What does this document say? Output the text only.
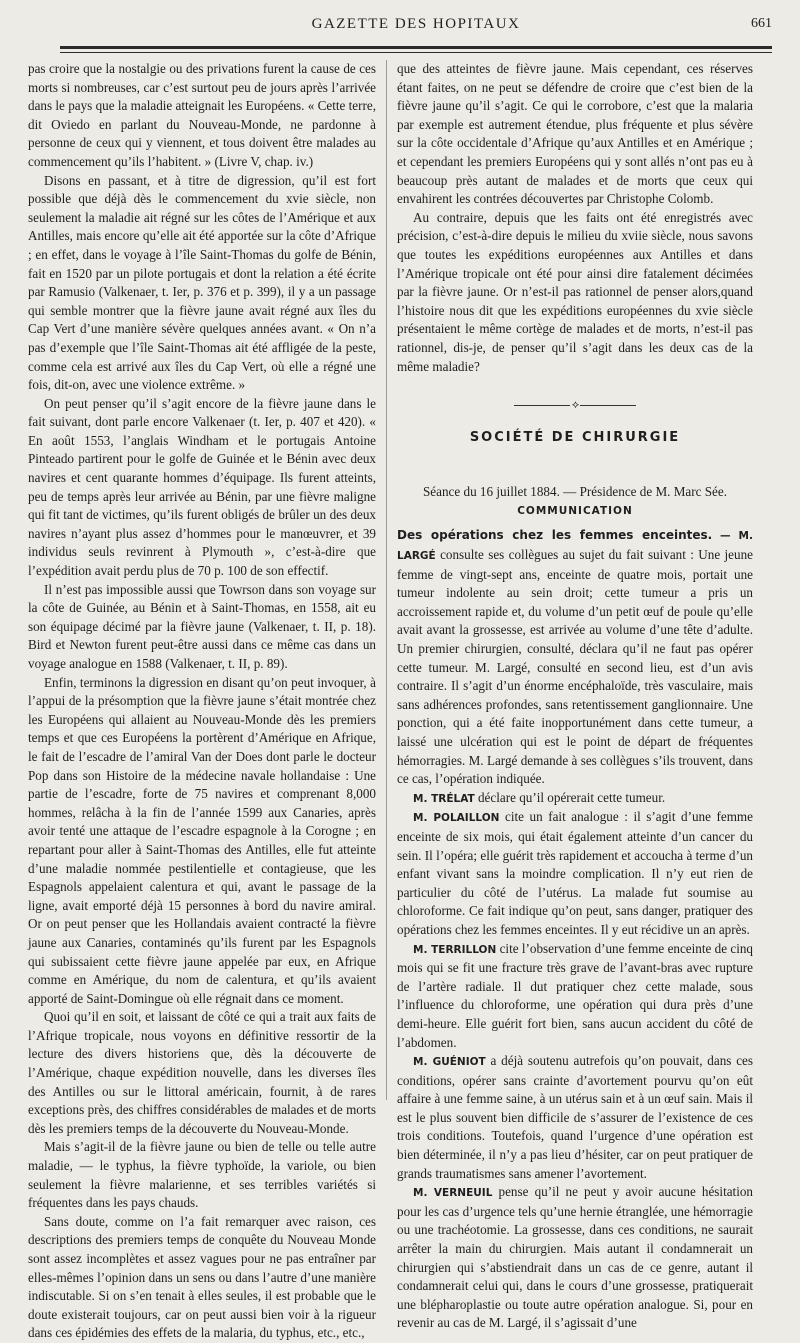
GAZETTE DES HOPITAUX	661

pas croire que la nostalgie ou des privations furent la cause de ces morts si nombreuses, car c’est surtout peu de jours après l’arrivée dans le pays que la maladie atteignait les Européens. « Cette terre, dit Oviedo en parlant du Nouveau-Monde, ne pardonne à personne de ceux qui y viennent, et tous doivent être malades au commencement qu’ils l’habitent. » (Livre V, chap. iv.)

Disons en passant, et à titre de digression, qu’il est fort possible que déjà dès le commencement du xvie siècle, non seulement la maladie ait régné sur les côtes de l’Amérique et aux Antilles, mais encore qu’elle ait été apportée sur la côte d’Afrique ; en effet, dans le voyage à l’île Saint-Thomas du golfe de Bénin, fait en 1520 par un pilote portugais et dont la relation a été écrite par Ramusio (Valkenaer, t. Ier, p. 376 et p. 399), il y a un passage qui semble montrer que la fièvre jaune avait régné aux îles du Cap Vert d’une manière sévère quelques années avant. « On n’a pas d’exemple que l’île Saint-Thomas ait été affligée de la peste, comme cela est arrivé aux îles du Cap Vert, où elle a régné une fois, dit-on, avec une violence extrême. »

On peut penser qu’il s’agit encore de la fièvre jaune dans le fait suivant, dont parle encore Valkenaer (t. Ier, p. 407 et 420). « En août 1553, l’anglais Windham et le portugais Antoine Pinteado partirent pour le golfe de Guinée et le Bénin avec deux navires et cent quarante hommes d’équipage. Ils furent atteints, peu de temps après leur arrivée au Bénin, par une fièvre maligne qui fit tant de victimes, qu’ils furent obligés de brûler un des deux navires n’ayant plus assez d’hommes pour le manœuvrer, et 39 individus seuls revinrent à Plymouth », c’est-à-dire que l’expédition avait perdu plus de 70 p. 100 de son effectif.

Il n’est pas impossible aussi que Towrson dans son voyage sur la côte de Guinée, au Bénin et à Saint-Thomas, en 1558, ait eu son équipage décimé par la fièvre jaune (Valkenaer, t. II, p. 18). Bird et Newton furent peut-être aussi dans ce même cas dans un voyage analogue en 1588 (Valkenaer, t. II, p. 89).

Enfin, terminons la digression en disant qu’on peut invoquer, à l’appui de la présomption que la fièvre jaune s’était montrée chez les Européens qui allaient au Nouveau-Monde dès les premiers temps et que ces Européens la portèrent d’Amérique en Afrique, le fait de l’escadre de l’amiral Van der Does dont parle le docteur Pop dans son Histoire de la médecine navale hollandaise : Une partie de l’escadre, forte de 75 navires et comprenant 8,000 hommes, relâcha à la fin de l’année 1599 aux Canaries, après avoir tenté une attaque de l’escadre espagnole à la Corogne ; en repartant pour aller à Saint-Thomas des Antilles, elle fut atteinte d’une maladie nommée pestilentielle et contagieuse, que les Espagnols appelaient calentura et qui, avant le passage de la ligne, avait emporté déjà 15 personnes à bord du navire amiral. Or on peut penser que les Hollandais avaient contracté la fièvre jaune aux Canaries, contaminés qu’ils furent par les Espagnols qui subissaient cette fièvre jaune appelée par eux, en Afrique comme en Amérique, du nom de calentura, et qu’ils avaient apporté de Saint-Domingue où elle régnait dans ce moment.

Quoi qu’il en soit, et laissant de côté ce qui a trait aux faits de l’Afrique tropicale, nous voyons en définitive ressortir de la lecture des divers historiens que, dès la découverte de l’Amérique, chaque expédition nouvelle, dans les diverses îles des Antilles ou sur le littoral américain, fournit, à de rares exceptions près, des chiffres considérables de malades et de morts dès les premiers temps de la découverte du Nouveau-Monde.

Mais s’agit-il de la fièvre jaune ou bien de telle ou telle autre maladie, — le typhus, la fièvre typhoïde, la variole, ou bien seulement la fièvre malarienne, et ses terribles variétés si fréquentes dans les pays chauds.

Sans doute, comme on l’a fait remarquer avec raison, ces descriptions des premiers temps de conquête du Nouveau Monde sont assez incomplètes et assez vagues pour ne pas entraîner par elles-mêmes l’opinion dans un sens ou dans l’autre d’une manière indiscutable. Si on s’en tenait à elles seules, il est probable que le doute existerait toujours, car on peut aussi bien voir à la rigueur dans ces épidémies des effets de la malaria, du typhus, etc., etc.,

que des atteintes de fièvre jaune. Mais cependant, ces réserves étant faites, on ne peut se défendre de croire que c’est bien de la fièvre jaune qu’il s’agit. Ce qui le corrobore, c’est que la malaria par exemple est autrement étendue, plus fréquente et plus sévère sur la côte occidentale d’Afrique qu’aux Antilles et en Amérique ; et cependant les premiers Européens qui y sont allés n’ont pas eu à beaucoup près autant de malades et de morts que ceux qui envahirent les contrées découvertes par Christophe Colomb.

Au contraire, depuis que les faits ont été enregistrés avec précision, c’est-à-dire depuis le milieu du xviie siècle, nous savons que toutes les expéditions européennes aux Antilles et dans l’Amérique tropicale ont été pour ainsi dire fatalement décimées par la fièvre jaune. Or n’est-il pas rationnel de penser alors,quand l’histoire nous dit que les expéditions européennes du xvie siècle présentaient le même cortège de malades et de morts, n’est-il pas rationnel, dis-je, de penser qu’il s’agit dans les deux cas de la même maladie?

⟡
SOCIÉTÉ DE CHIRURGIE

Séance du 16 juillet 1884. — Présidence de M. Marc Sée.

COMMUNICATION

Des opérations chez les femmes enceintes. — M. LARGÉ consulte ses collègues au sujet du fait suivant : Une jeune femme de vingt-sept ans, enceinte de quatre mois, portait une tumeur indolente au sein droit; cette tumeur a pris un accroissement rapide et, du volume d’un petit œuf de poule qu’elle avait avant la grossesse, est arrivée au volume d’une tête d’adulte. Un premier chirurgien, consulté, déclara qu’il ne faut pas opérer cette tumeur. M. Largé, consulté en second lieu, est d’un avis contraire. Il s’agit d’un énorme encéphaloïde, très vasculaire, mais sans adhérences profondes, sans retentissement ganglionnaire. Une ponction, qui a été faite inopportunément dans cette tumeur, a laissé une ulcération qui est le point de départ de fréquentes hémorragies. M. Largé demande à ses collègues s’ils trouvent, dans ce cas, l’opération indiquée.

M. TRÉLAT déclare qu’il opérerait cette tumeur.

M. POLAILLON cite un fait analogue : il s’agit d’une femme enceinte de six mois, qui était également atteinte d’un cancer du sein. Il l’opéra; elle guérit très rapidement et accoucha à terme d’un enfant vivant sans la moindre complication. Il n’y eut rien de particulier du côté de l’utérus. La malade fut soumise au chloroforme. Ce fait indique qu’on peut, sans danger, pratiquer des opérations chez les femmes enceintes. Il y eut récidive un an après.

M. TERRILLON cite l’observation d’une femme enceinte de cinq mois qui se fit une fracture très grave de l’avant-bras avec rupture de l’artère radiale. Il dut pratiquer chez cette malade, sous l’influence du chloroforme, une opération qui dura près d’une demi-heure. Elle guérit fort bien, sans aucun accident du côté de l’abdomen.

M. GUÉNIOT a déjà soutenu autrefois qu’on pouvait, dans ces conditions, opérer sans crainte d’avortement pourvu qu’on eût affaire à une femme saine, à un utérus sain et à un œuf sain. Mais il est le plus souvent bien difficile de s’assurer de l’existence de ces trois conditions. Toutefois, quand l’urgence d’une opération est bien déterminée, il n’y a pas lieu d’hésiter, car on peut pratiquer de grands traumatismes sans amener l’avortement.

M. VERNEUIL pense qu’il ne peut y avoir aucune hésitation pour les cas d’urgence tels qu’une hernie étranglée, une hémorragie ou une trachéotomie. La grossesse, dans ces conditions, ne saurait arrêter la main du chirurgien. Mais autant il condamnerait un chirurgien qui s’abstiendrait dans un cas de ce genre, autant il condamnerait celui qui, dans le cours d’une grossesse, pratiquerait une blépharoplastie ou toute autre opération analogue. Si, pour en revenir au cas de M. Largé, il s’agissait d’une
